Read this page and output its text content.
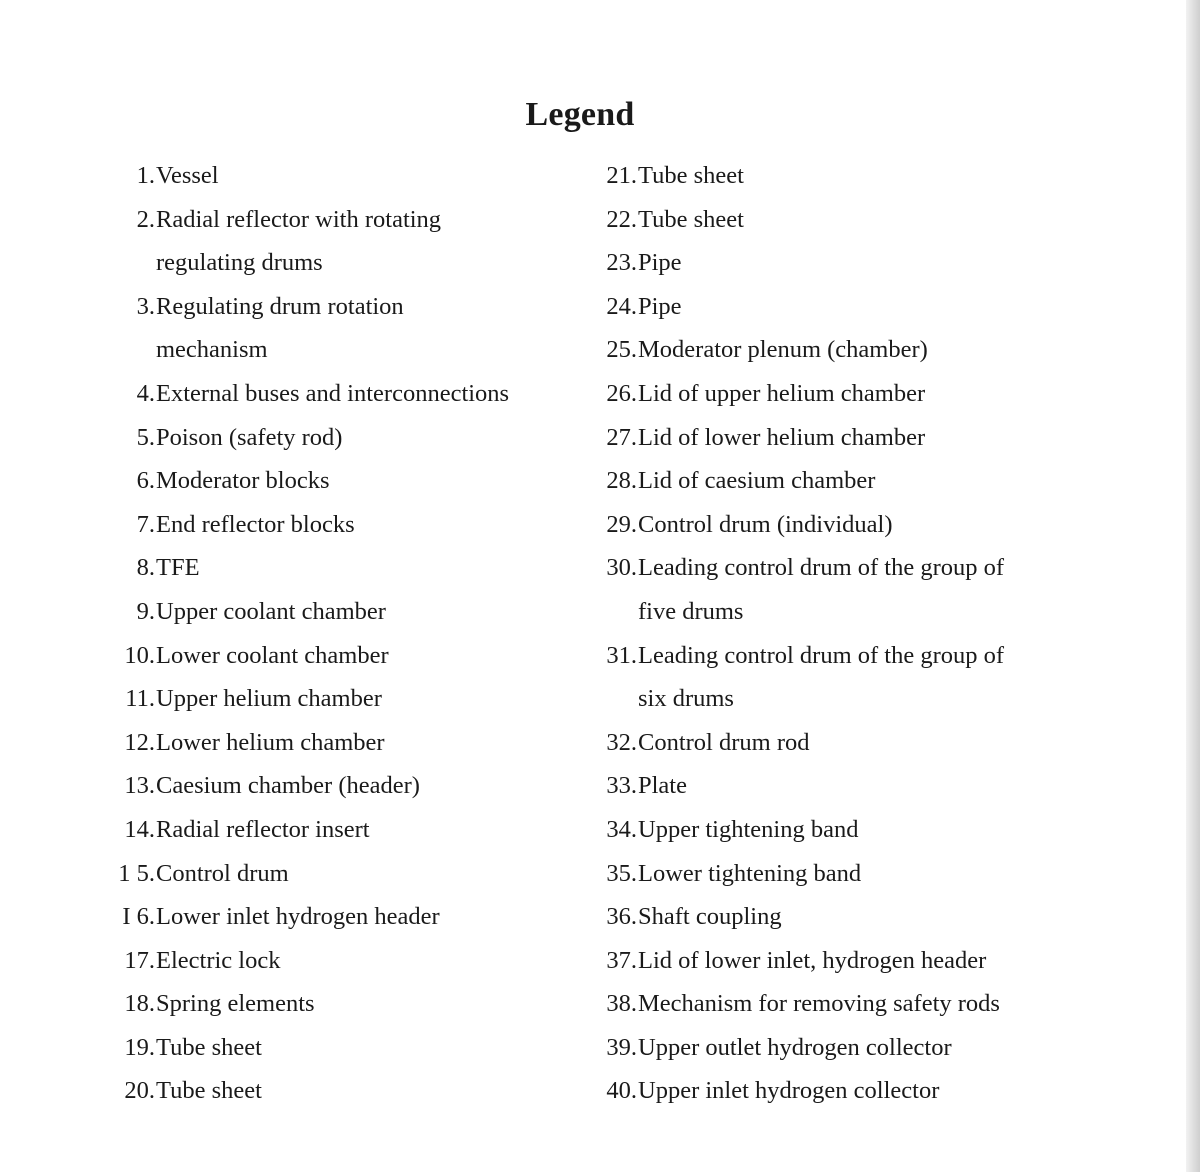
Legend
1. Vessel
2. Radial reflector with rotating
regulating drums
3. Regulating drum rotation
mechanism
4. External buses and interconnections
5. Poison (safety rod)
6. Moderator blocks
7. End reflector blocks
8. TFE
9. Upper coolant chamber
10. Lower coolant chamber
11. Upper helium chamber
12. Lower helium chamber
13. Caesium chamber (header)
14. Radial reflector insert
1 5. Control drum
I 6. Lower inlet hydrogen header
17. Electric lock
18. Spring elements
19. Tube sheet
20. Tube sheet
21. Tube sheet
22. Tube sheet
23. Pipe
24. Pipe
25. Moderator plenum (chamber)
26. Lid of upper helium chamber
27. Lid of lower helium chamber
28. Lid of caesium chamber
29. Control drum (individual)
30. Leading control drum of the group of
five drums
31. Leading control drum of the group of
six drums
32. Control drum rod
33. Plate
34. Upper tightening band
35. Lower tightening band
36. Shaft coupling
37. Lid of lower inlet, hydrogen header
38. Mechanism for removing safety rods
39. Upper outlet hydrogen collector
40. Upper inlet hydrogen collector
